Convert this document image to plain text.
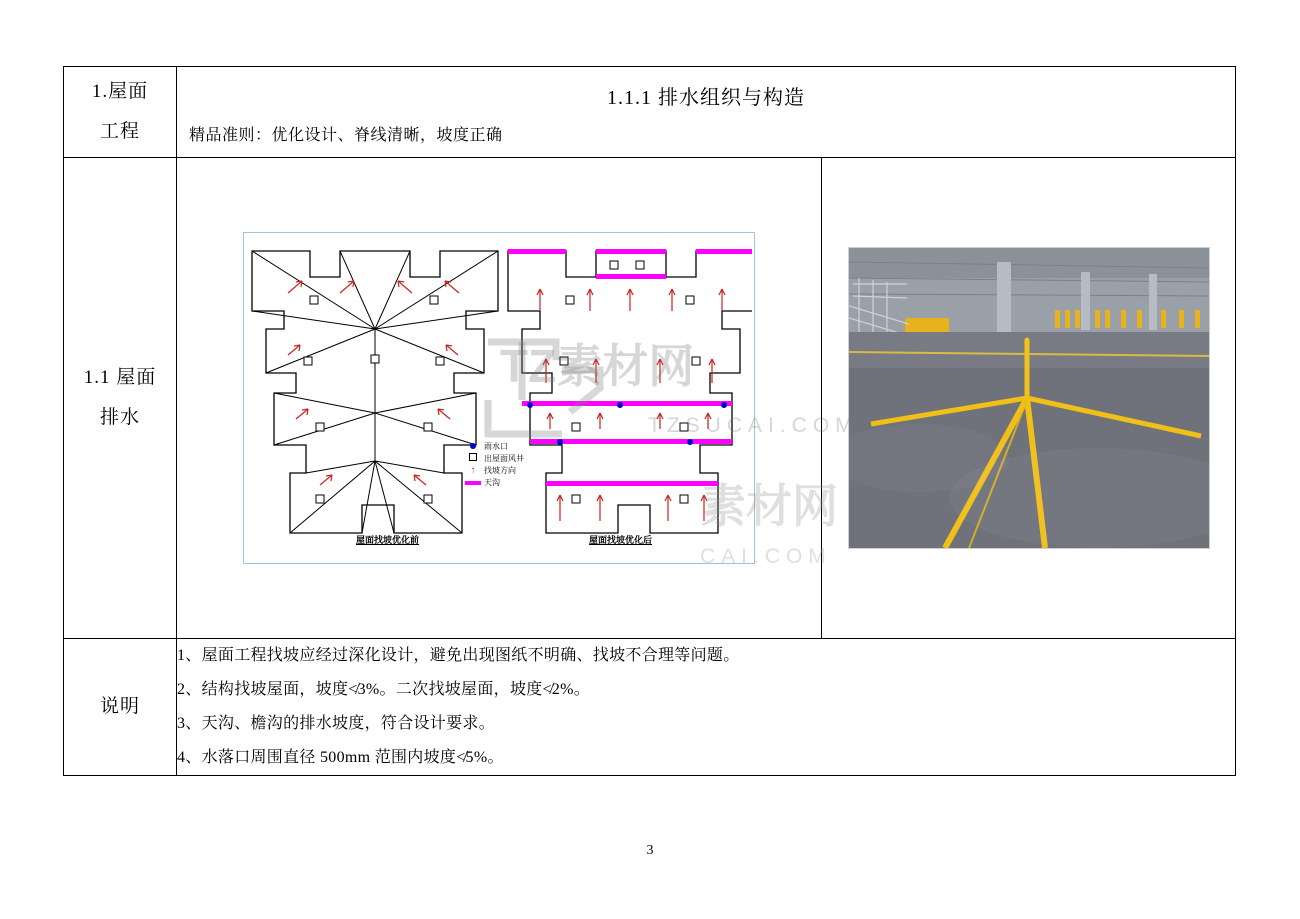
1.屋面
工程

1.1.1 排水组织与构造
精品准则：优化设计、脊线清晰，坡度正确

1.1 屋面
排水

雨水口
出屋面风井
↑	找坡方向
天沟
屋面找坡优化前	屋面找坡优化后

说明	1、屋面工程找坡应经过深化设计，避免出现图纸不明确、找坡不合理等问题。
2、结构找坡屋面，坡度≮3%。二次找坡屋面，坡度≮2%。
3、天沟、檐沟的排水坡度，符合设计要求。
4、水落口周围直径 500mm 范围内坡度≮5%。	
TZ素材网
TZSUCAI.COM
素材网
CAI.COM
3
